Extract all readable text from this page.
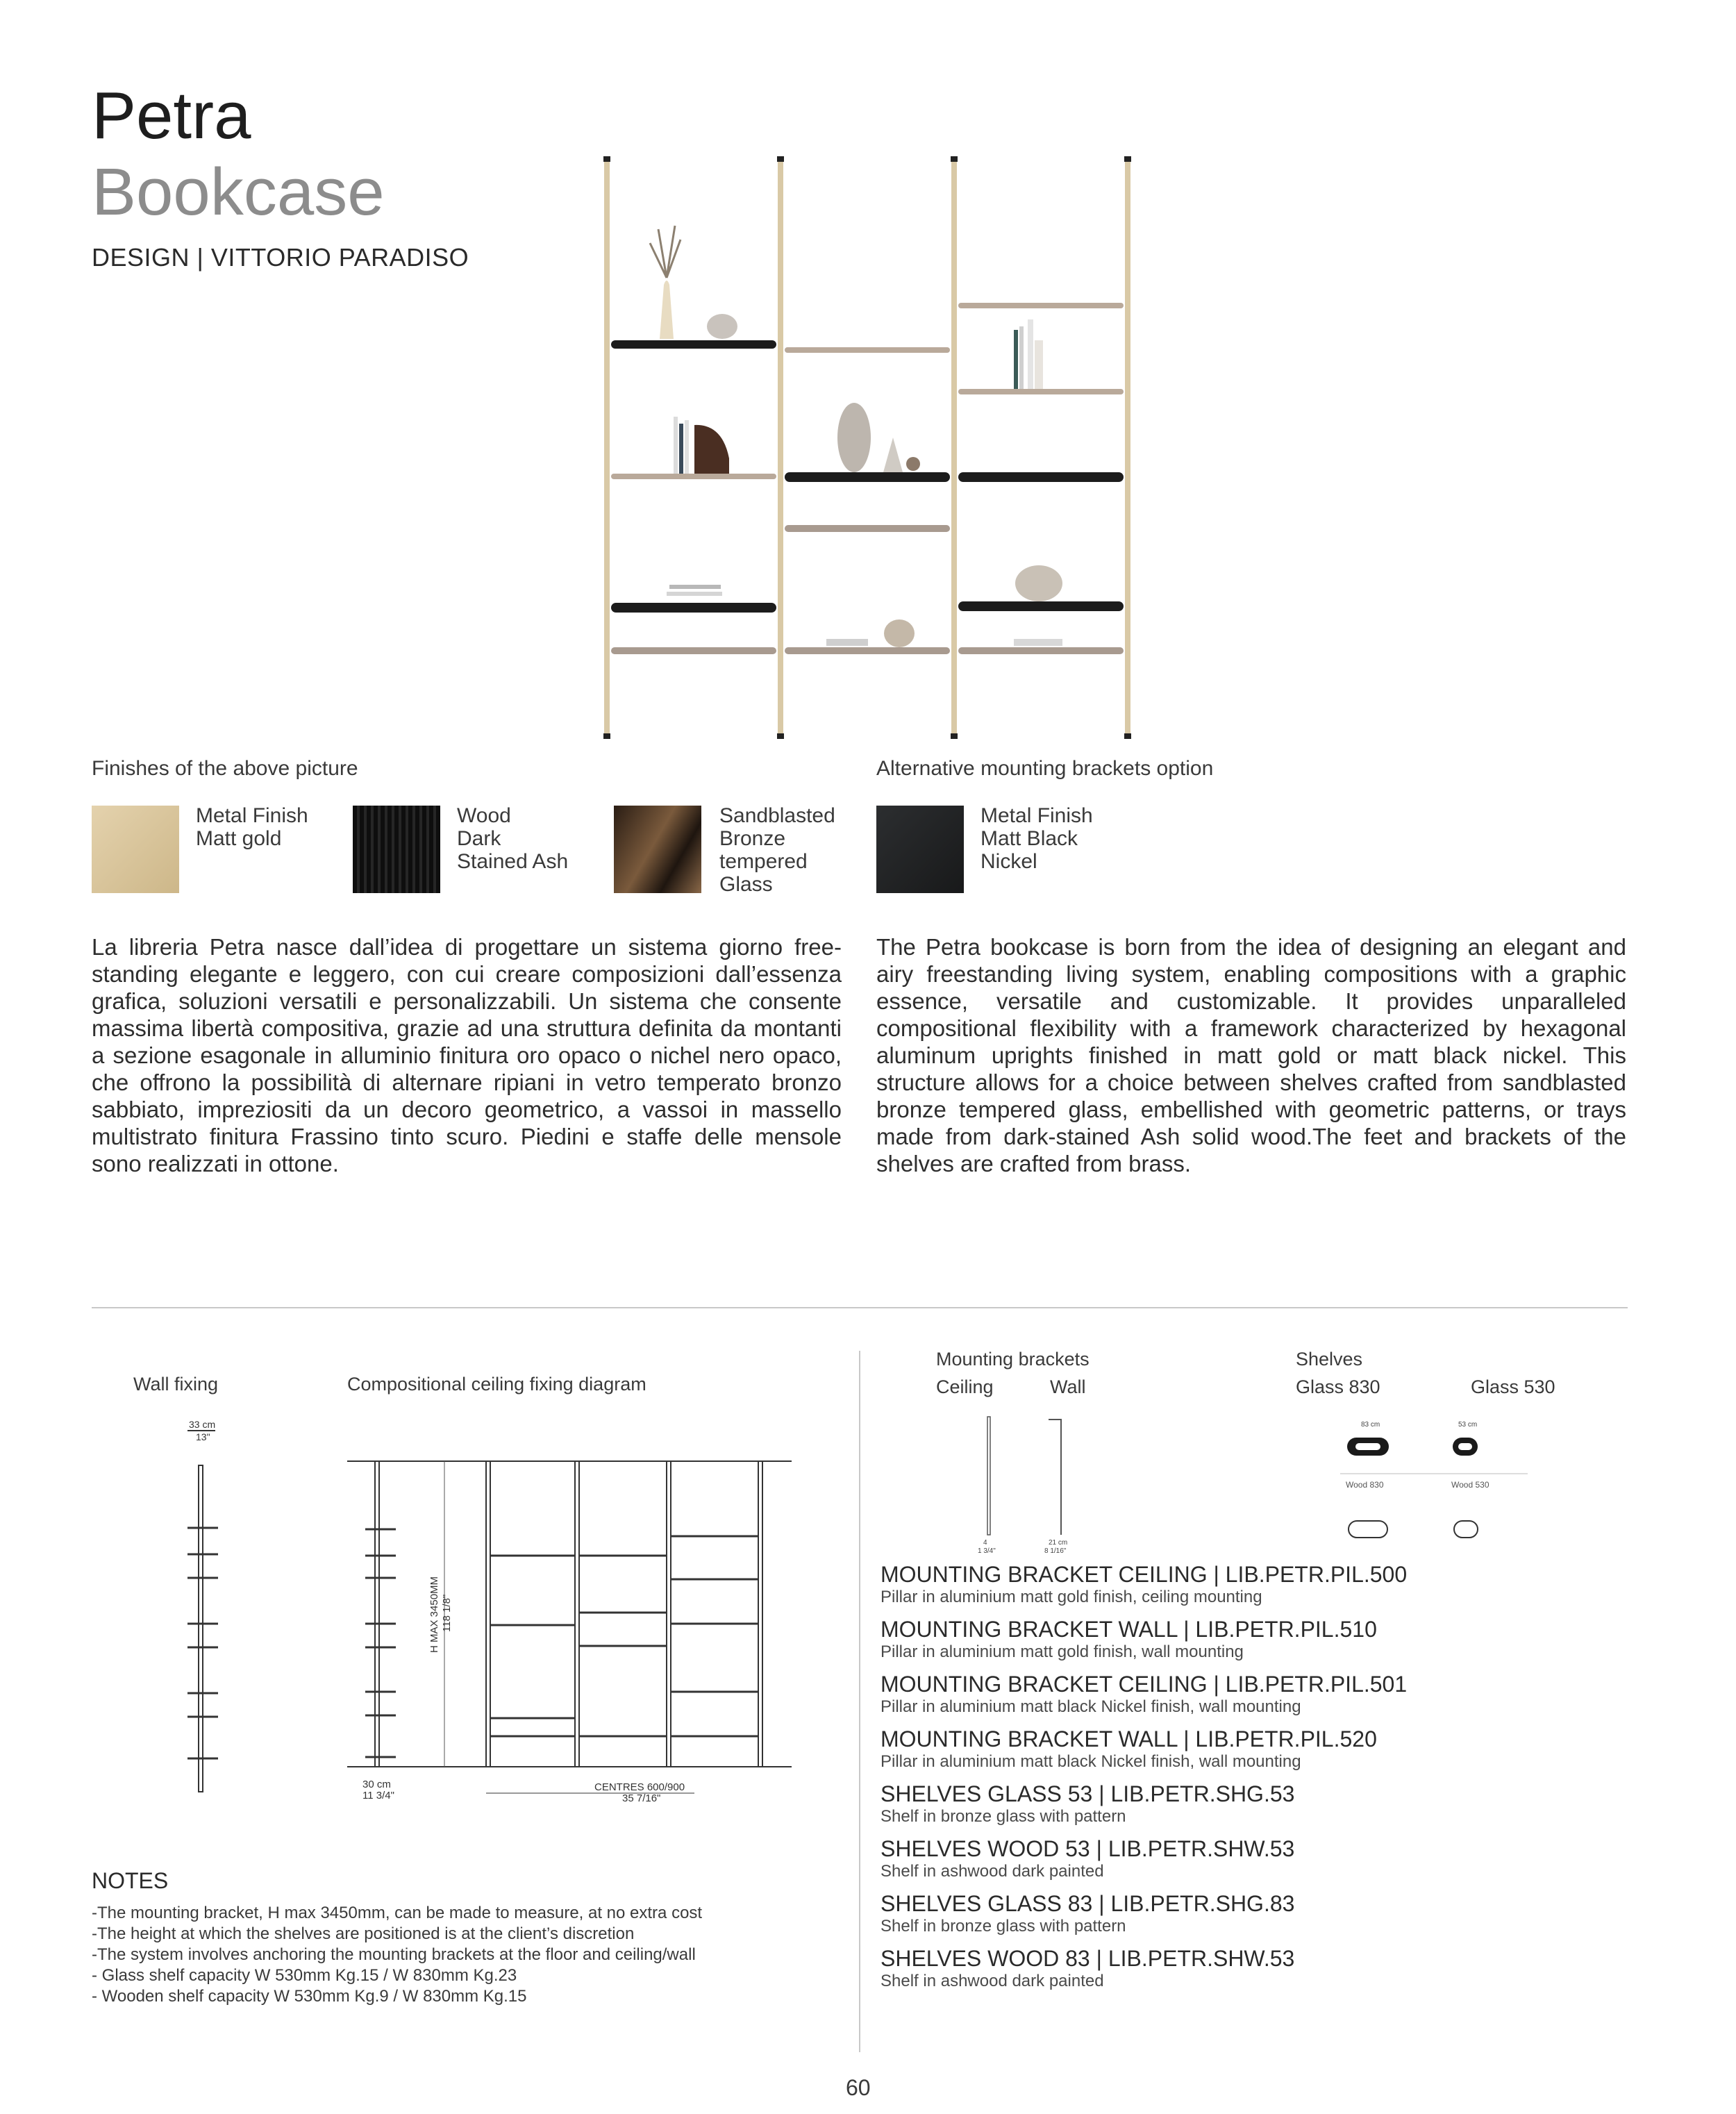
Petra
Bookcase
DESIGN | VITTORIO PARADISO
Finishes of the above picture
Metal Finish
Matt gold
Wood
Dark
Stained Ash
Sandblasted
Bronze
tempered
Glass
Alternative mounting brackets option
Metal Finish
Matt Black
Nickel
La libreria Petra nasce dall’idea di progettare un sistema giorno free-standing elegante e leggero, con cui creare composizioni dall’essenza grafica, soluzioni versatili e personalizzabili. Un sistema che consente massima libertà compositiva, grazie ad una struttura definita da montanti a sezione esagonale in alluminio finitura oro opaco o nichel nero opaco, che offrono la possibilità di alternare ripiani in vetro temperato bronzo sabbiato, impreziositi da un decoro geometrico, a vassoi in massello multistrato finitura Frassino tinto scuro. Piedini e staffe delle mensole sono realizzati in ottone.
The Petra bookcase is born from the idea of designing an elegant and airy freestanding living system, enabling compositions with a graphic essence, versatile and customizable. It provides unparalleled compositional flexibility with a framework characterized by hexagonal aluminum uprights finished in matt gold or matt black nickel. This structure allows for a choice between shelves crafted from sandblasted bronze tempered glass, embellished with geometric patterns, or trays made from dark-stained Ash solid wood.The feet and brackets of the shelves are crafted from brass.
Wall fixing	Compositional ceiling fixing diagram
33 cm
13"
H MAX 3450MM 118 1/8"
30 cm
11 3/4"
CENTRES 600/900
35 7/16"
NOTES
-The mounting bracket, H max 3450mm, can be made to measure, at no extra cost
-The height at which the shelves are positioned is at the client’s discretion
-The system involves anchoring the mounting brackets at the floor and ceiling/wall
- Glass shelf capacity W 530mm Kg.15 / W 830mm Kg.23
- Wooden shelf capacity W 530mm Kg.9 / W 830mm Kg.15
Mounting brackets
Ceiling	Wall
Shelves
Glass 830	Glass 530
4
1 3/4"
21 cm
8 1/16"
83 cm	53 cm
Wood 830	Wood 530
MOUNTING BRACKET CEILING | LIB.PETR.PIL.500
Pillar in aluminium matt gold finish, ceiling mounting
MOUNTING BRACKET WALL | LIB.PETR.PIL.510
Pillar in aluminium matt gold finish, wall mounting
MOUNTING BRACKET CEILING | LIB.PETR.PIL.501
Pillar in aluminium matt black Nickel finish, wall mounting
MOUNTING BRACKET WALL | LIB.PETR.PIL.520
Pillar in aluminium matt black Nickel finish, wall mounting
SHELVES GLASS 53 | LIB.PETR.SHG.53
Shelf in bronze glass with pattern
SHELVES WOOD 53 | LIB.PETR.SHW.53
Shelf in ashwood dark painted
SHELVES GLASS 83 | LIB.PETR.SHG.83
Shelf in bronze glass with pattern
SHELVES WOOD 83 | LIB.PETR.SHW.53
Shelf in ashwood dark painted
60
